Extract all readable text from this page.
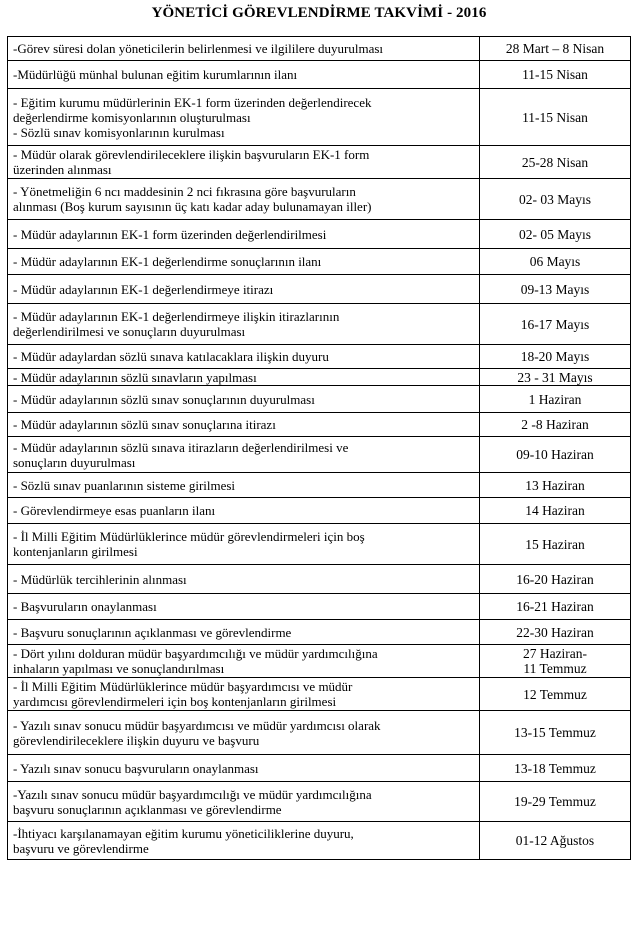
YÖNETİCİ GÖREVLENDİRME TAKVİMİ - 2016
-Görev süresi dolan yöneticilerin belirlenmesi ve ilgililere duyurulması	28 Mart – 8 Nisan

-Müdürlüğü münhal bulunan eğitim kurumlarının ilanı	11-15 Nisan

- Eğitim kurumu müdürlerinin EK-1 form üzerinden değerlendirecek
değerlendirme komisyonlarının oluşturulması
- Sözlü sınav komisyonlarının kurulması	11-15 Nisan

- Müdür olarak görevlendirileceklere ilişkin başvuruların EK-1 form
üzerinden alınması	25-28 Nisan

- Yönetmeliğin 6 ncı maddesinin 2 nci fıkrasına göre başvuruların
alınması (Boş kurum sayısının üç katı kadar aday bulunamayan iller)	02- 03 Mayıs

- Müdür adaylarının EK-1 form üzerinden değerlendirilmesi	02- 05 Mayıs

- Müdür adaylarının EK-1 değerlendirme sonuçlarının ilanı	06 Mayıs

- Müdür adaylarının EK-1 değerlendirmeye itirazı	09-13 Mayıs

- Müdür adaylarının EK-1 değerlendirmeye ilişkin itirazlarının
değerlendirilmesi ve sonuçların duyurulması	16-17 Mayıs

- Müdür adaylardan sözlü sınava katılacaklara ilişkin duyuru	18-20 Mayıs

- Müdür adaylarının sözlü sınavların yapılması	23 - 31 Mayıs

- Müdür adaylarının sözlü sınav sonuçlarının duyurulması	1 Haziran

- Müdür adaylarının sözlü sınav sonuçlarına itirazı	2 -8 Haziran

- Müdür adaylarının sözlü sınava itirazların değerlendirilmesi ve
sonuçların duyurulması	09-10 Haziran

- Sözlü sınav puanlarının sisteme girilmesi	13 Haziran

- Görevlendirmeye esas puanların ilanı	14 Haziran

- İl Milli Eğitim Müdürlüklerince müdür görevlendirmeleri için boş
kontenjanların girilmesi	15 Haziran

- Müdürlük tercihlerinin alınması	16-20 Haziran

- Başvuruların onaylanması	16-21 Haziran

- Başvuru sonuçlarının açıklanması ve görevlendirme	22-30 Haziran

- Dört yılını dolduran müdür başyardımcılığı ve müdür yardımcılığına
inhaların yapılması ve sonuçlandırılması	27 Haziran-
11 Temmuz

- İl Milli Eğitim Müdürlüklerince müdür başyardımcısı ve müdür
yardımcısı görevlendirmeleri için boş kontenjanların girilmesi	12 Temmuz

- Yazılı sınav sonucu müdür başyardımcısı ve müdür yardımcısı olarak
görevlendirileceklere ilişkin duyuru ve başvuru	13-15 Temmuz

- Yazılı sınav sonucu başvuruların onaylanması	13-18 Temmuz

-Yazılı sınav sonucu müdür başyardımcılığı ve müdür yardımcılığına
başvuru sonuçlarının açıklanması ve görevlendirme	19-29 Temmuz

-İhtiyacı karşılanamayan eğitim kurumu yöneticiliklerine duyuru,
başvuru ve görevlendirme	01-12 Ağustos
